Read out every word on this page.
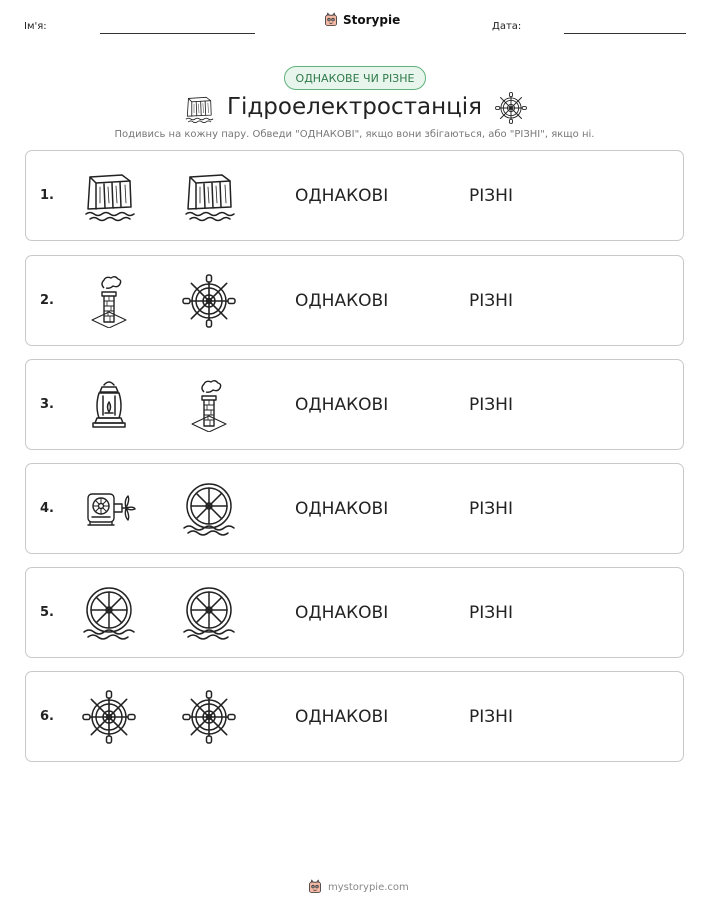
Ім'я:	Storypie	Дата:
ОДНАКОВЕ ЧИ РІЗНЕ
Гідроелектростанція
Подивись на кожну пару. Обведи "ОДНАКОВІ", якщо вони збігаються, або "РІЗНІ", якщо ні.
1.	ОДНАКОВІ	РІЗНІ
2.	ОДНАКОВІ	РІЗНІ
3.	ОДНАКОВІ	РІЗНІ
4.	ОДНАКОВІ	РІЗНІ
5.	ОДНАКОВІ	РІЗНІ
6.	ОДНАКОВІ	РІЗНІ
mystorypie.com
